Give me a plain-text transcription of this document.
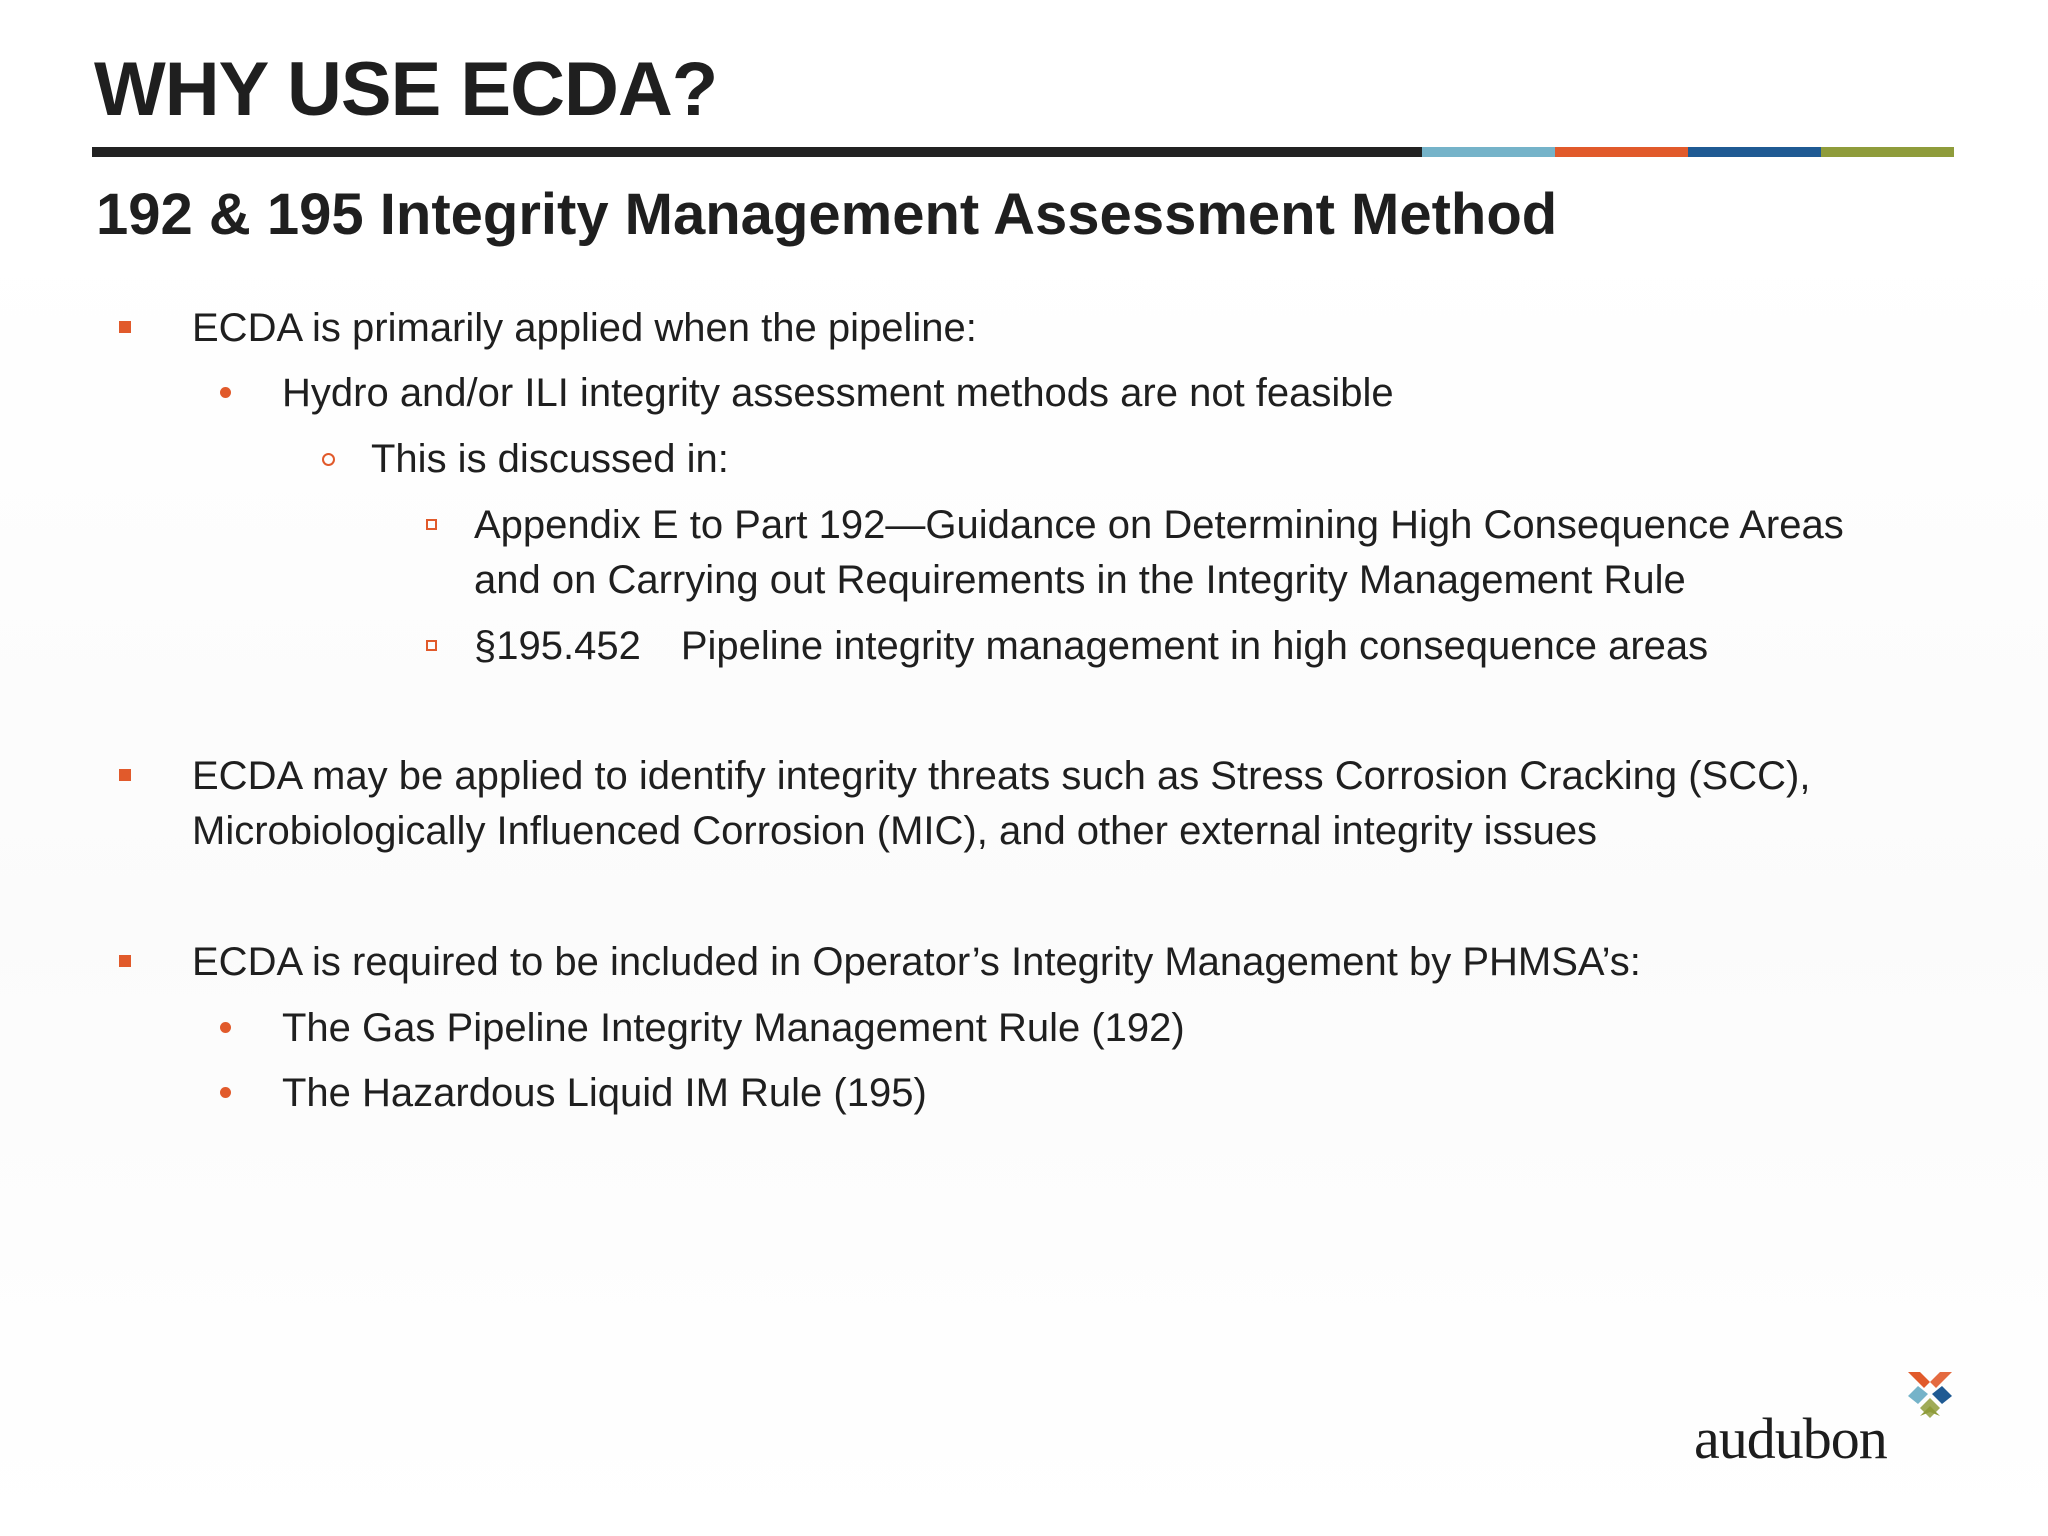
WHY USE ECDA?
192 & 195 Integrity Management Assessment Method
ECDA is primarily applied when the pipeline:
Hydro and/or ILI integrity assessment methods are not feasible
This is discussed in:
Appendix E to Part 192—Guidance on Determining High Consequence Areas
and on Carrying out Requirements in the Integrity Management Rule
§195.452 Pipeline integrity management in high consequence areas
ECDA may be applied to identify integrity threats such as Stress Corrosion Cracking (SCC),
Microbiologically Influenced Corrosion (MIC), and other external integrity issues
ECDA is required to be included in Operator’s Integrity Management by PHMSA’s:
The Gas Pipeline Integrity Management Rule (192)
The Hazardous Liquid IM Rule (195)
audubon
